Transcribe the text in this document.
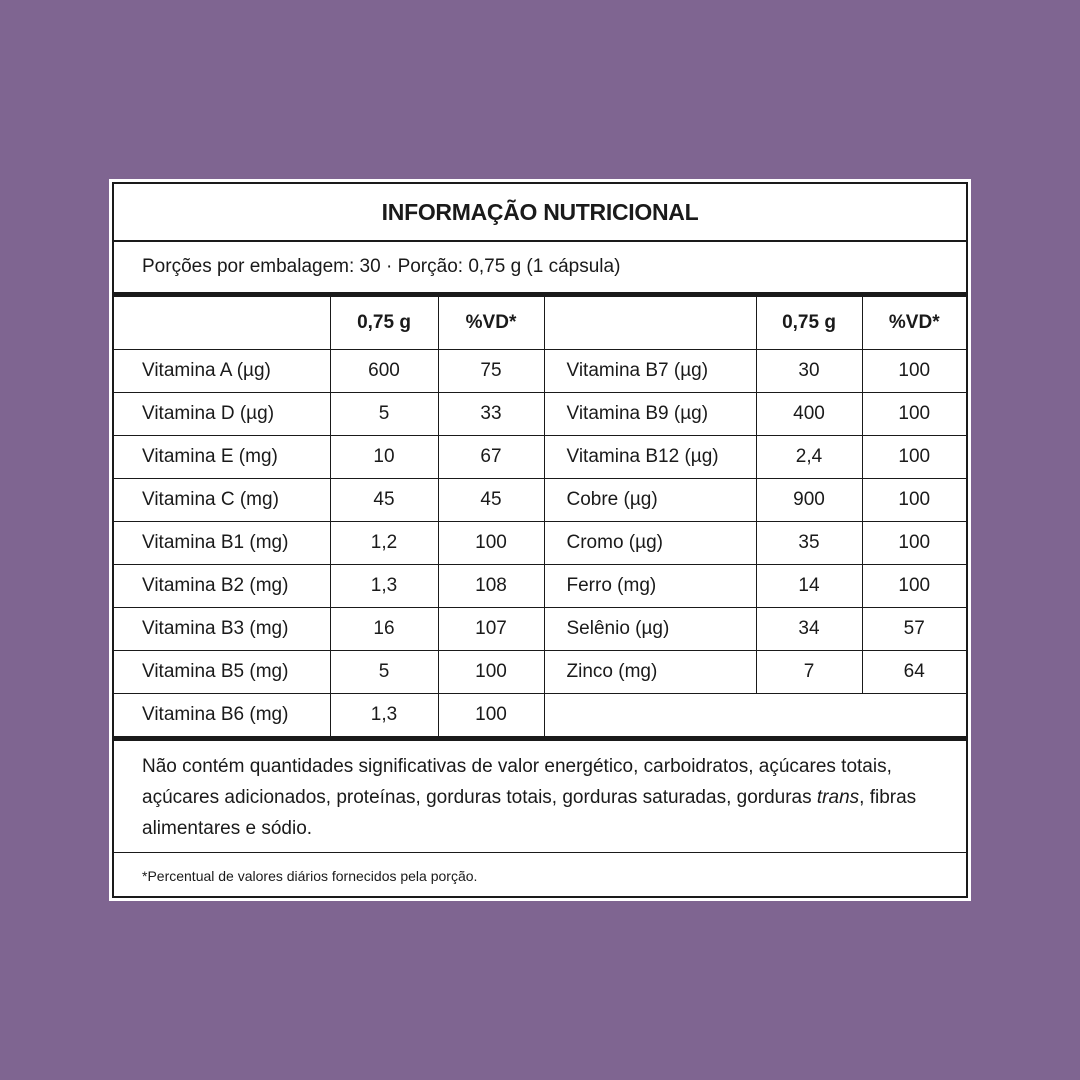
INFORMAÇÃO NUTRICIONAL
Porções por embalagem: 30 · Porção: 0,75 g (1 cápsula)
	0,75 g	%VD*		0,75 g	%VD*
Vitamina A (µg)	600	75	Vitamina B7 (µg)	30	100
Vitamina D (µg)	5	33	Vitamina B9 (µg)	400	100
Vitamina E (mg)	10	67	Vitamina B12 (µg)	2,4	100
Vitamina C (mg)	45	45	Cobre (µg)	900	100
Vitamina B1 (mg)	1,2	100	Cromo (µg)	35	100
Vitamina B2 (mg)	1,3	108	Ferro (mg)	14	100
Vitamina B3 (mg)	16	107	Selênio (µg)	34	57
Vitamina B5 (mg)	5	100	Zinco (mg)	7	64
Vitamina B6 (mg)	1,3	100			
Não contém quantidades significativas de valor energético, carboidratos, açúcares totais, açúcares adicionados, proteínas, gorduras totais, gorduras saturadas, gorduras trans, fibras alimentares e sódio.
*Percentual de valores diários fornecidos pela porção.
